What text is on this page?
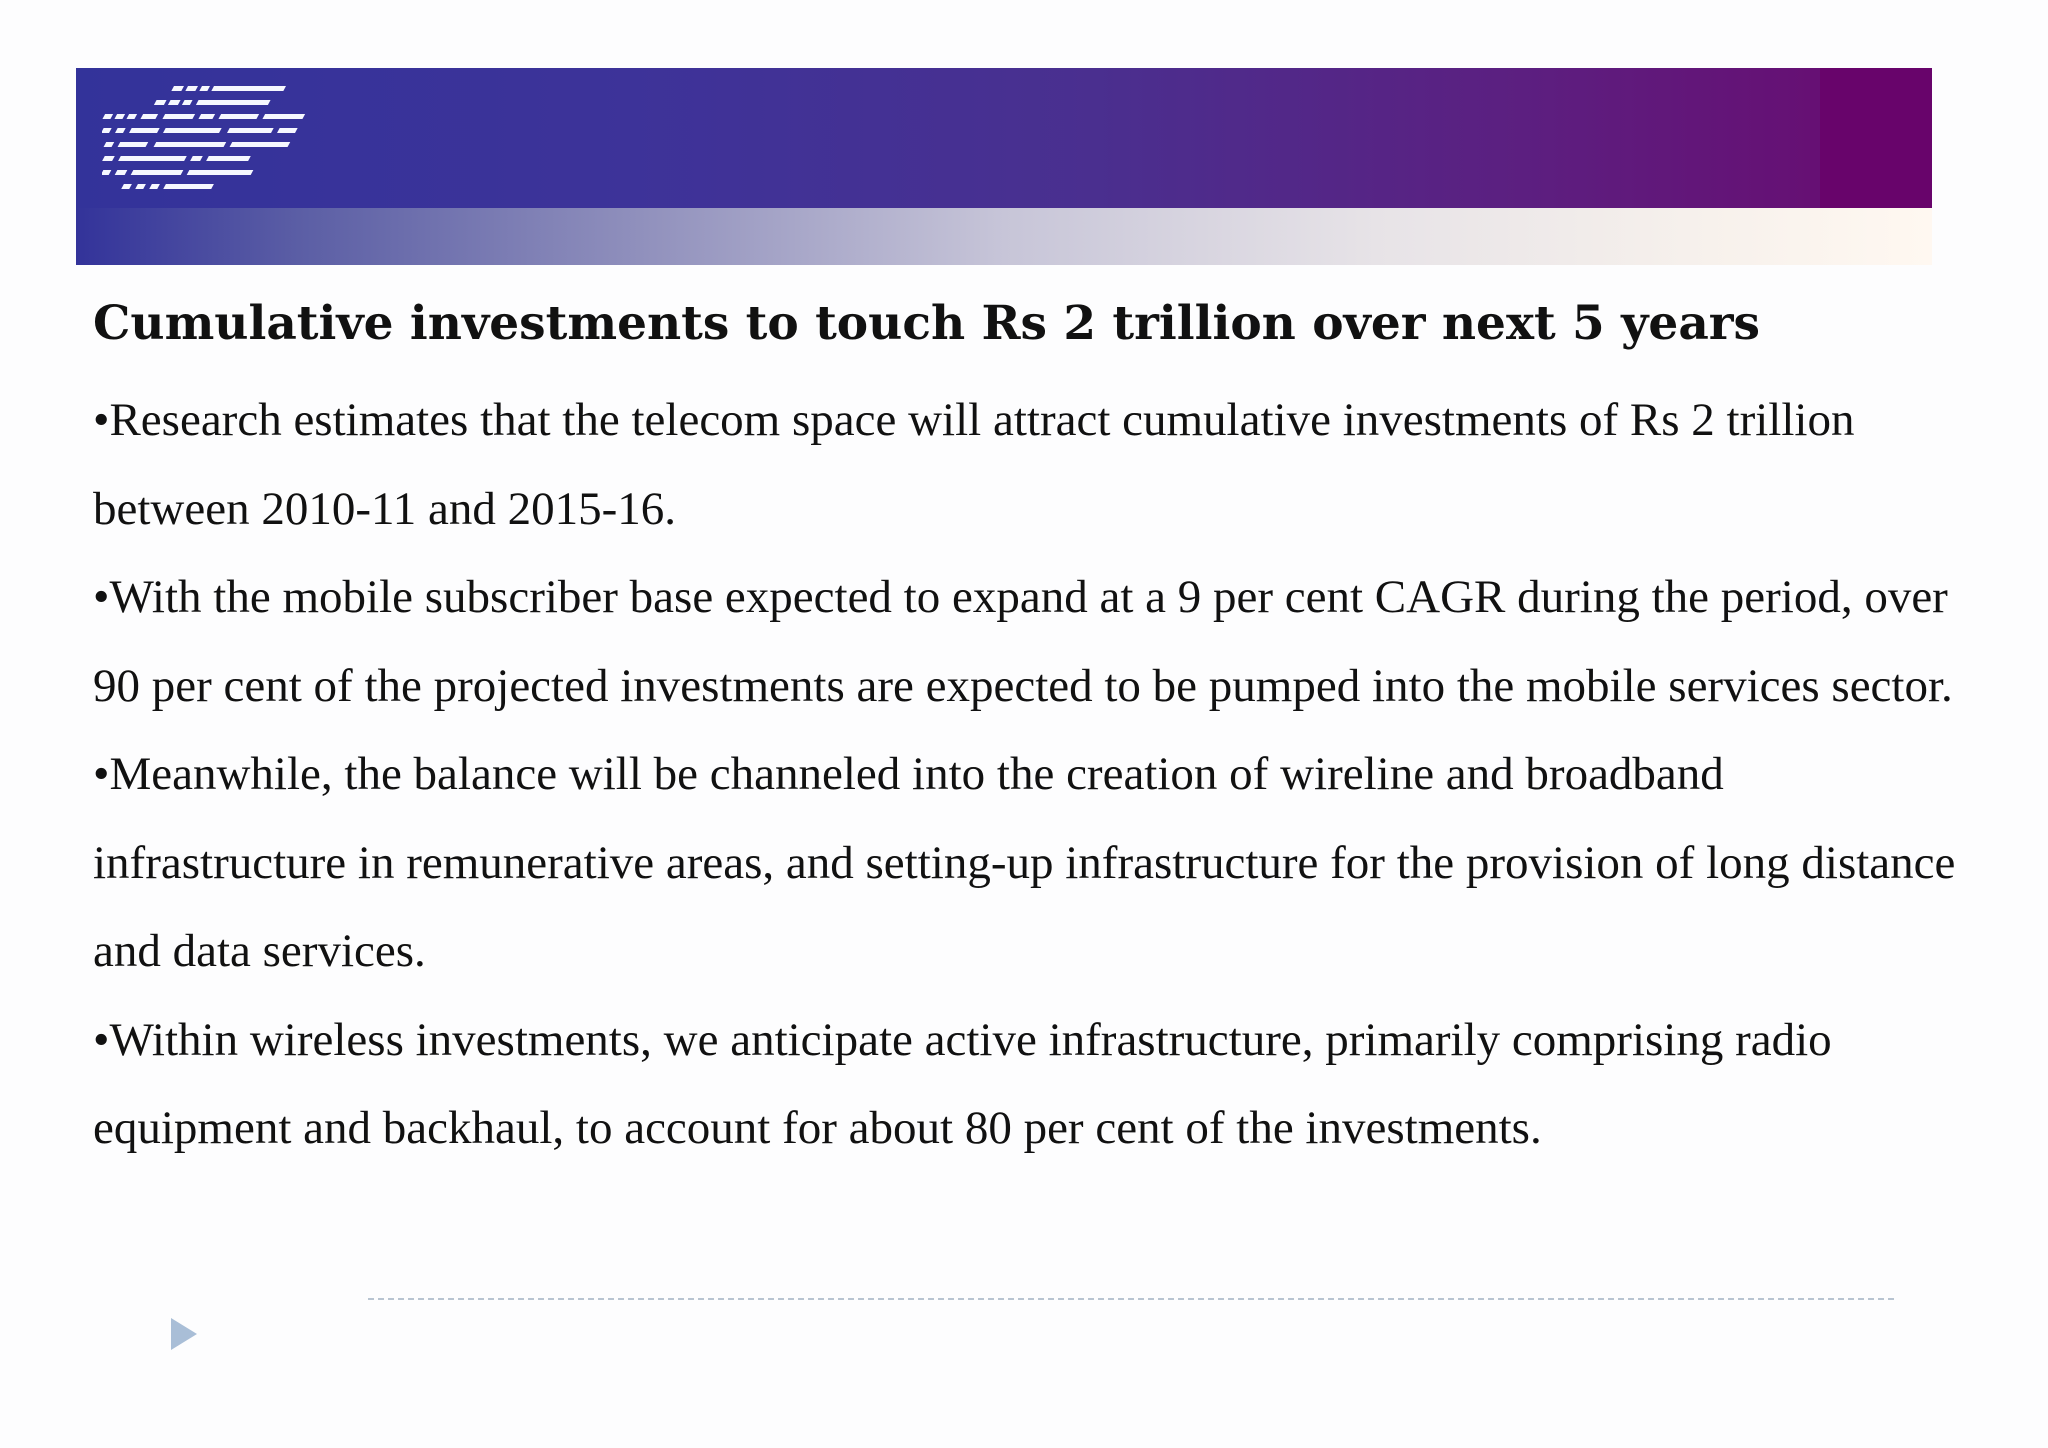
Cumulative investments to touch Rs 2 trillion over next 5 years
•Research estimates that the telecom space will attract cumulative investments of Rs 2 trillion between 2010-11 and 2015-16.
•With the mobile subscriber base expected to expand at a 9 per cent CAGR during the period, over 90 per cent of the projected investments are expected to be pumped into the mobile services sector.
•Meanwhile, the balance will be channeled into the creation of wireline and broadband infrastructure in remunerative areas, and setting-up infrastructure for the provision of long distance and data services.
•Within wireless investments, we anticipate active infrastructure, primarily comprising radio equipment and backhaul, to account for about 80 per cent of the investments.
